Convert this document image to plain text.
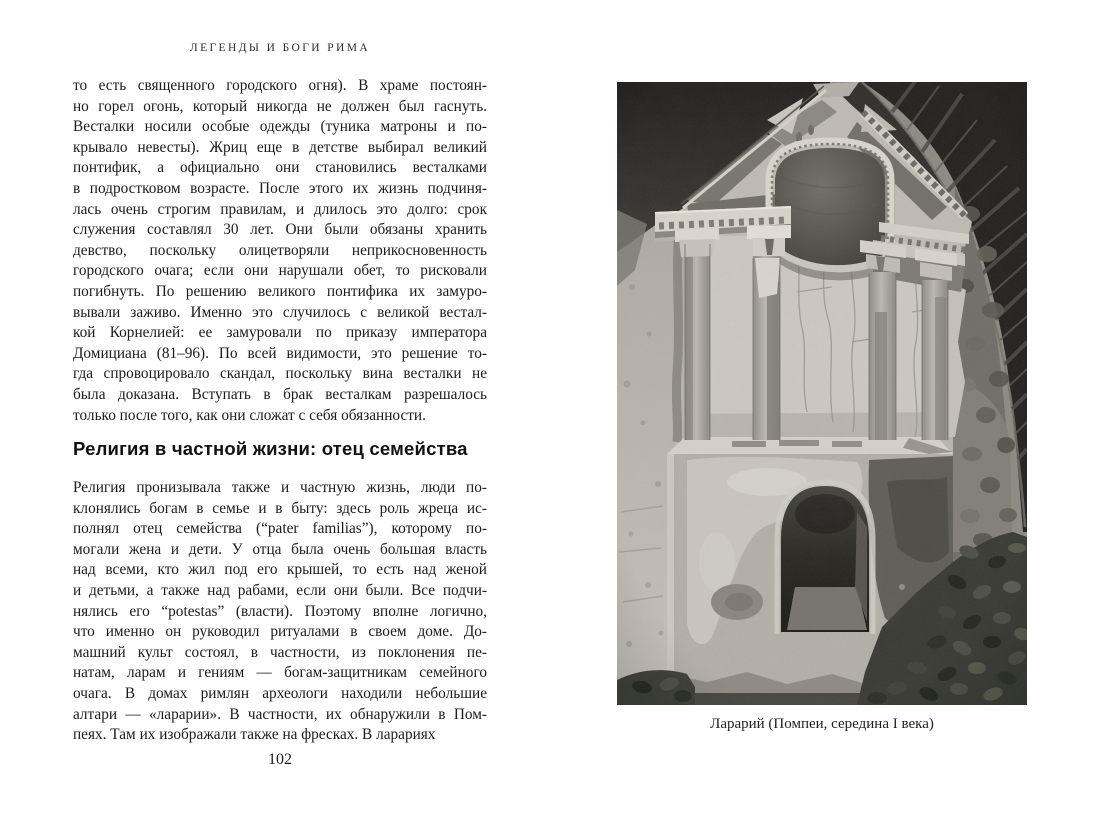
ЛЕГЕНДЫ И БОГИ РИМА
то есть священного городского огня). В храме постоян-
но горел огонь, который никогда не должен был гаснуть.
Весталки носили особые одежды (туника матроны и по-
крывало невесты). Жриц еще в детстве выбирал великий
понтифик, а официально они становились весталками
в подростковом возрасте. После этого их жизнь подчиня-
лась очень строгим правилам, и длилось это долго: срок
служения составлял 30 лет. Они были обязаны хранить
девство, поскольку олицетворяли неприкосновенность
городского очага; если они нарушали обет, то рисковали
погибнуть. По решению великого понтифика их замуро-
вывали заживо. Именно это случилось с великой вестал-
кой Корнелией: ее замуровали по приказу императора
Домициана (81–96). По всей видимости, это решение то-
гда спровоцировало скандал, поскольку вина весталки не
была доказана. Вступать в брак весталкам разрешалось
только после того, как они сложат с себя обязанности.
Религия в частной жизни: отец семейства
Религия пронизывала также и частную жизнь, люди по-
клонялись богам в семье и в быту: здесь роль жреца ис-
полнял отец семейства (“pater familias”), которому по-
могали жена и дети. У отца была очень большая власть
над всеми, кто жил под его крышей, то есть над женой
и детьми, а также над рабами, если они были. Все подчи-
нялись его “potestas” (власти). Поэтому вполне логично,
что именно он руководил ритуалами в своем доме. До-
машний культ состоял, в частности, из поклонения пе-
натам, ларам и гениям — богам-защитникам семейного
очага. В домах римлян археологи находили небольшие
алтари — «ларарии». В частности, их обнаружили в Пом-
пеях. Там их изображали также на фресках. В ларариях
102
Ларарий (Помпеи, середина I века)
